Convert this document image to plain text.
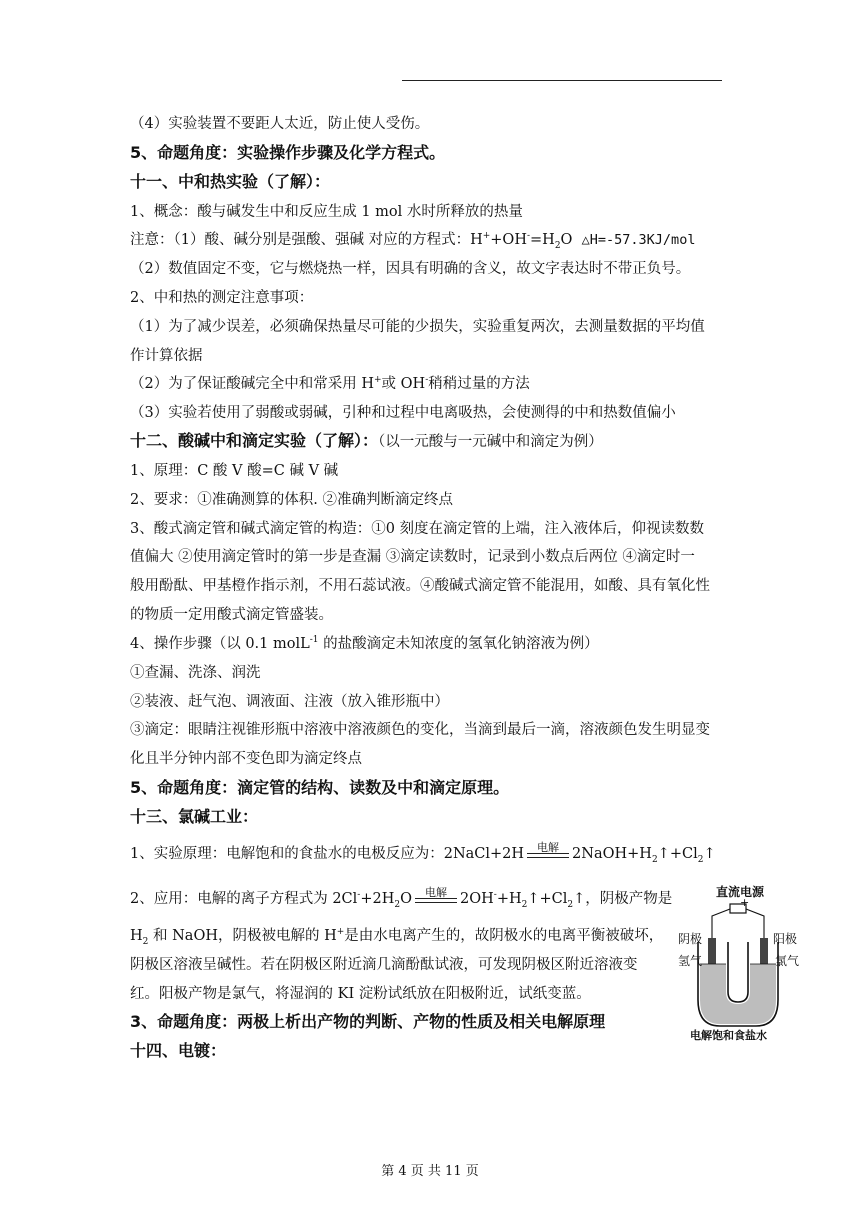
（4）实验装置不要距人太近，防止使人受伤。
5、命题角度：实验操作步骤及化学方程式。
十一、中和热实验（了解）：
1、概念：酸与碱发生中和反应生成 1 mol 水时所释放的热量
注意：（1）酸、碱分别是强酸、强碱 对应的方程式：$H^++OH^-=H_2O$ △H=-57.3KJ/mol
（2）数值固定不变，它与燃烧热一样，因具有明确的含义，故文字表达时不带正负号。
2、中和热的测定注意事项：
（1）为了减少误差，必须确保热量尽可能的少损失，实验重复两次，去测量数据的平均值
作计算依据
（2）为了保证酸碱完全中和常采用 H+或 OH-稍稍过量的方法
（3）实验若使用了弱酸或弱碱，引种和过程中电离吸热，会使测得的中和热数值偏小
十二、酸碱中和滴定实验（了解）：（以一元酸与一元碱中和滴定为例）
1、原理：C 酸 V 酸=C 碱 V 碱
2、要求：①准确测算的体积. ②准确判断滴定终点
3、酸式滴定管和碱式滴定管的构造：①0 刻度在滴定管的上端，注入液体后，仰视读数数
值偏大 ②使用滴定管时的第一步是查漏 ③滴定读数时，记录到小数点后两位 ④滴定时一
般用酚酞、甲基橙作指示剂，不用石蕊试液。④酸碱式滴定管不能混用，如酸、具有氧化性
的物质一定用酸式滴定管盛装。
4、操作步骤（以 0.1 molL$^{-1}$ 的盐酸滴定未知浓度的氢氧化钠溶液为例）
①查漏、洗涤、润洗
②装液、赶气泡、调液面、注液（放入锥形瓶中）
③滴定：眼睛注视锥形瓶中溶液中溶液颜色的变化，当滴到最后一滴，溶液颜色发生明显变
化且半分钟内部不变色即为滴定终点
5、命题角度：滴定管的结构、读数及中和滴定原理。
十三、氯碱工业：
1、实验原理：电解饱和的食盐水的电极反应为：2NaCl+2H	电解 $2NaOH+H_2↑+Cl_2↑$
2、应用：电解的离子方程式为 $2Cl^-+2H_2O$	电解 $2OH^-+H_2↑+Cl_2↑$，阴极产物是
$H_2$ 和 NaOH，阴极被电解的 H+是由水电离产生的，故阴极水的电离平衡被破坏，
阴极区溶液呈碱性。若在阴极区附近滴几滴酚酞试液，可发现阴极区附近溶液变
红。阳极产物是氯气，将湿润的 KI 淀粉试纸放在阳极附近，试纸变蓝。
3、命题角度：两极上析出产物的判断、产物的性质及相关电解原理
十四、电镀：
直流电源
- +
阴极	阳极
氢气	氯气
电解饱和食盐水
第 4 页 共 11 页
